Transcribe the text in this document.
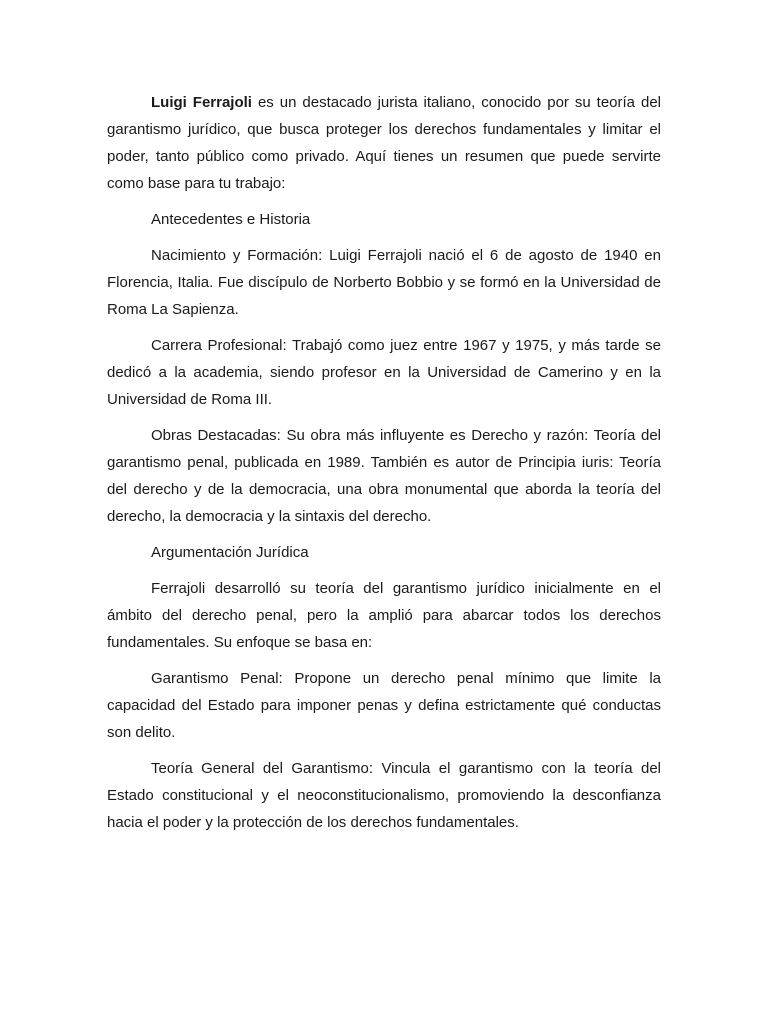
Luigi Ferrajoli es un destacado jurista italiano, conocido por su teoría del garantismo jurídico, que busca proteger los derechos fundamentales y limitar el poder, tanto público como privado. Aquí tienes un resumen que puede servirte como base para tu trabajo:

Antecedentes e Historia

Nacimiento y Formación: Luigi Ferrajoli nació el 6 de agosto de 1940 en Florencia, Italia. Fue discípulo de Norberto Bobbio y se formó en la Universidad de Roma La Sapienza.

Carrera Profesional: Trabajó como juez entre 1967 y 1975, y más tarde se dedicó a la academia, siendo profesor en la Universidad de Camerino y en la Universidad de Roma III.

Obras Destacadas: Su obra más influyente es Derecho y razón: Teoría del garantismo penal, publicada en 1989. También es autor de Principia iuris: Teoría del derecho y de la democracia, una obra monumental que aborda la teoría del derecho, la democracia y la sintaxis del derecho.

Argumentación Jurídica

Ferrajoli desarrolló su teoría del garantismo jurídico inicialmente en el ámbito del derecho penal, pero la amplió para abarcar todos los derechos fundamentales. Su enfoque se basa en:

Garantismo Penal: Propone un derecho penal mínimo que limite la capacidad del Estado para imponer penas y defina estrictamente qué conductas son delito.

Teoría General del Garantismo: Vincula el garantismo con la teoría del Estado constitucional y el neoconstitucionalismo, promoviendo la desconfianza hacia el poder y la protección de los derechos fundamentales.
